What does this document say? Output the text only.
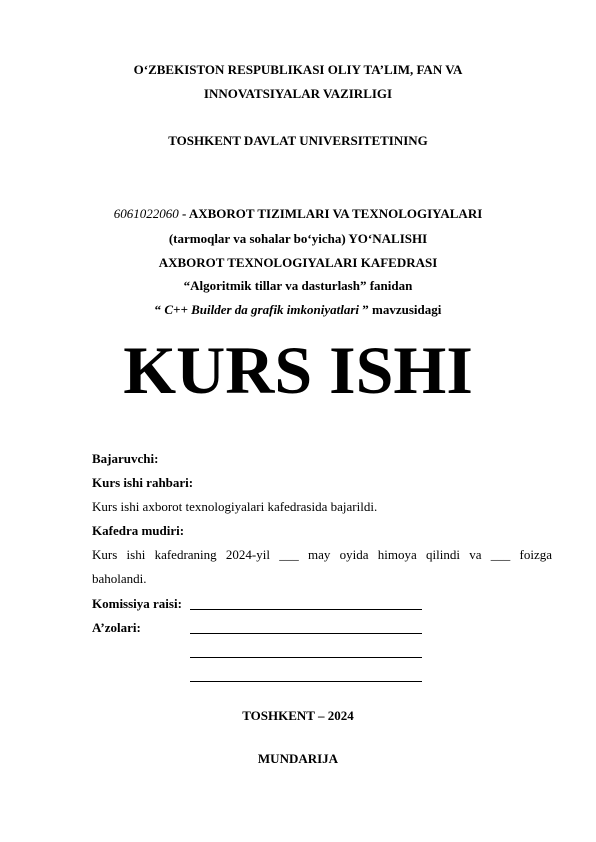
O‘ZBEKISTON RESPUBLIKASI OLIY TA’LIM, FAN VA
INNOVATSIYALAR VAZIRLIGI
TOSHKENT DAVLAT UNIVERSITETINING
6061022060 - AXBOROT TIZIMLARI VA TEXNOLOGIYALARI
(tarmoqlar va sohalar bo‘yicha) YO‘NALISHI
AXBOROT TEXNOLOGIYALARI KAFEDRASI
“Algoritmik tillar va dasturlash” fanidan
“ C++ Builder da grafik imkoniyatlari ” mavzusidagi
KURS ISHI
Bajaruvchi:
Kurs ishi rahbari:
Kurs ishi axborot texnologiyalari kafedrasida bajarildi.
Kafedra mudiri:
Kurs ishi kafedraning 2024-yil ___ may oyida himoya qilindi va ___ foizga
baholandi.
Komissiya raisi:
A’zolari:
TOSHKENT – 2024
MUNDARIJA
